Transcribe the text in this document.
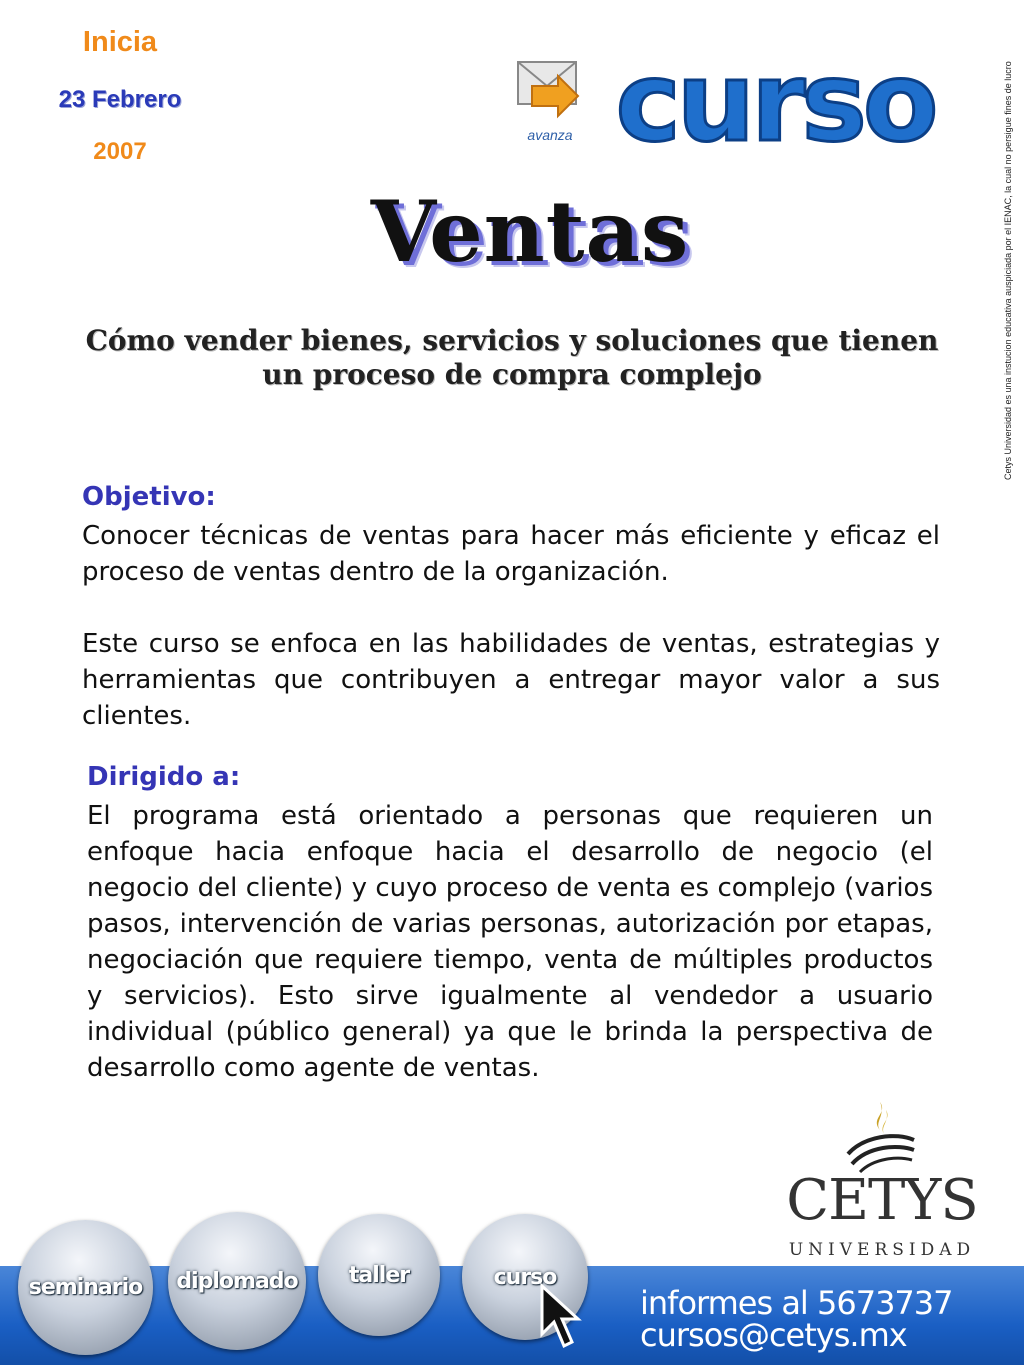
Inicia
23 Febrero
2007
avanza curso
Ventas
Cómo vender bienes, servicios y soluciones que tienen
un proceso de compra complejo	Cetys Universidad es una instucion educativa auspiciada por el IENAC, la cual no persigue fines de lucro
Objetivo:
Conocer técnicas de ventas para hacer más eficiente y eficaz el proceso de ventas dentro de la organización.
Este curso se enfoca en las habilidades de ventas, estrategias y herramientas que contribuyen a entregar mayor valor a sus clientes.
Dirigido a:
El programa está orientado a personas que requieren un enfoque hacia enfoque hacia el desarrollo de negocio (el negocio del cliente) y cuyo proceso de venta es complejo (varios pasos, intervención de varias personas, autorización por etapas, negociación que requiere tiempo, venta de múltiples productos y servicios). Esto sirve igualmente al vendedor a usuario individual (público general) ya que le brinda la perspectiva de desarrollo como agente de ventas.
CETYS
UNIVERSIDAD
seminario diplomado taller	curso
informes al 5673737
cursos@cetys.mx
